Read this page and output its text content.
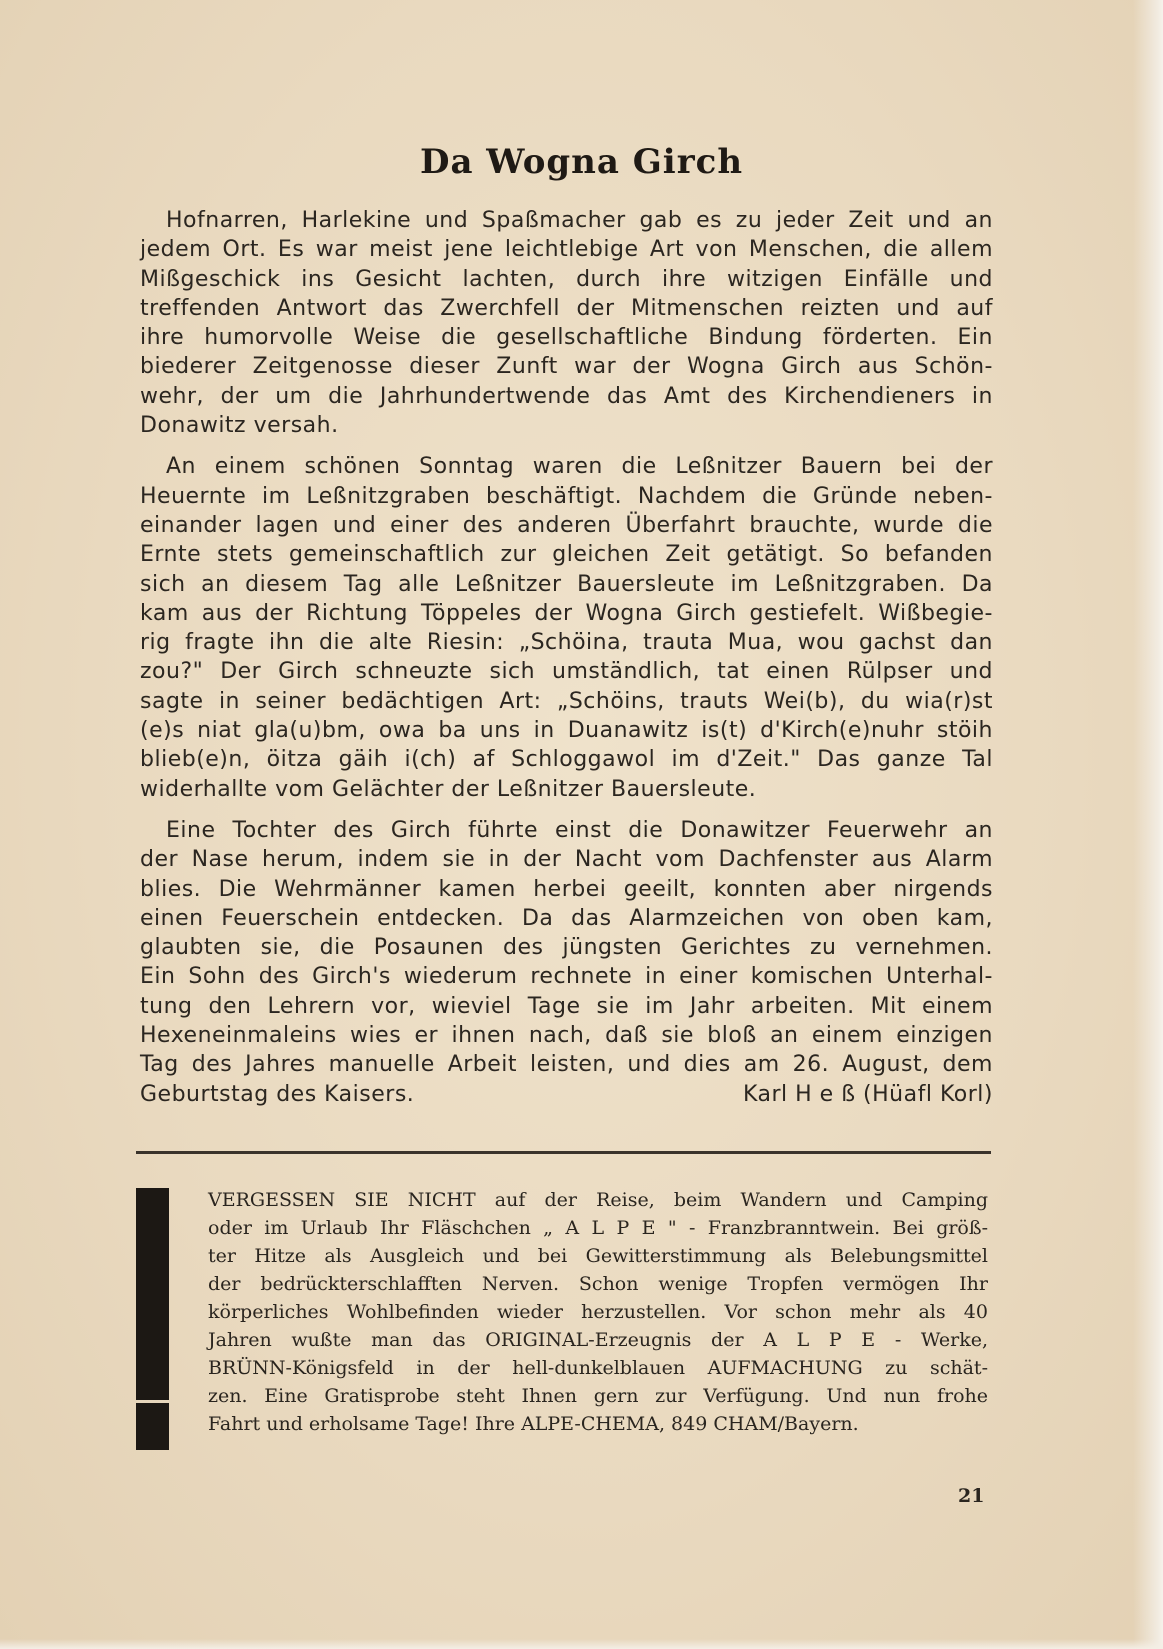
Da Wogna Girch
Hofnarren, Harlekine und Spaßmacher gab es zu jeder Zeit und an
jedem Ort. Es war meist jene leichtlebige Art von Menschen, die allem
Mißgeschick ins Gesicht lachten, durch ihre witzigen Einfälle und
treffenden Antwort das Zwerchfell der Mitmenschen reizten und auf
ihre humorvolle Weise die gesellschaftliche Bindung förderten. Ein
biederer Zeitgenosse dieser Zunft war der Wogna Girch aus Schön-
wehr, der um die Jahrhundertwende das Amt des Kirchendieners in
Donawitz versah.
An einem schönen Sonntag waren die Leßnitzer Bauern bei der
Heuernte im Leßnitzgraben beschäftigt. Nachdem die Gründe neben-
einander lagen und einer des anderen Überfahrt brauchte, wurde die
Ernte stets gemeinschaftlich zur gleichen Zeit getätigt. So befanden
sich an diesem Tag alle Leßnitzer Bauersleute im Leßnitzgraben. Da
kam aus der Richtung Töppeles der Wogna Girch gestiefelt. Wißbegie-
rig fragte ihn die alte Riesin: „Schöina, trauta Mua, wou gachst dan
zou?" Der Girch schneuzte sich umständlich, tat einen Rülpser und
sagte in seiner bedächtigen Art: „Schöins, trauts Wei(b), du wia(r)st
(e)s niat gla(u)bm, owa ba uns in Duanawitz is(t) d'Kirch(e)nuhr stöih
blieb(e)n, öitza gäih i(ch) af Schloggawol im d'Zeit." Das ganze Tal
widerhallte vom Gelächter der Leßnitzer Bauersleute.
Eine Tochter des Girch führte einst die Donawitzer Feuerwehr an
der Nase herum, indem sie in der Nacht vom Dachfenster aus Alarm
blies. Die Wehrmänner kamen herbei geeilt, konnten aber nirgends
einen Feuerschein entdecken. Da das Alarmzeichen von oben kam,
glaubten sie, die Posaunen des jüngsten Gerichtes zu vernehmen.
Ein Sohn des Girch's wiederum rechnete in einer komischen Unterhal-
tung den Lehrern vor, wieviel Tage sie im Jahr arbeiten. Mit einem
Hexeneinmaleins wies er ihnen nach, daß sie bloß an einem einzigen
Tag des Jahres manuelle Arbeit leisten, und dies am 26. August, dem
Geburtstag des Kaisers.	Karl H e ß (Hüafl Korl)
VERGESSEN SIE NICHT auf der Reise, beim Wandern und Camping
oder im Urlaub Ihr Fläschchen „ A L P E " - Franzbranntwein. Bei größ-
ter Hitze als Ausgleich und bei Gewitterstimmung als Belebungsmittel
der bedrückterschlafften Nerven. Schon wenige Tropfen vermögen Ihr
körperliches Wohlbefinden wieder herzustellen. Vor schon mehr als 40
Jahren wußte man das ORIGINAL-Erzeugnis der A L P E - Werke,
BRÜNN-Königsfeld in der hell-dunkelblauen AUFMACHUNG zu schät-
zen. Eine Gratisprobe steht Ihnen gern zur Verfügung. Und nun frohe
Fahrt und erholsame Tage! Ihre ALPE-CHEMA, 849 CHAM/Bayern.
21
